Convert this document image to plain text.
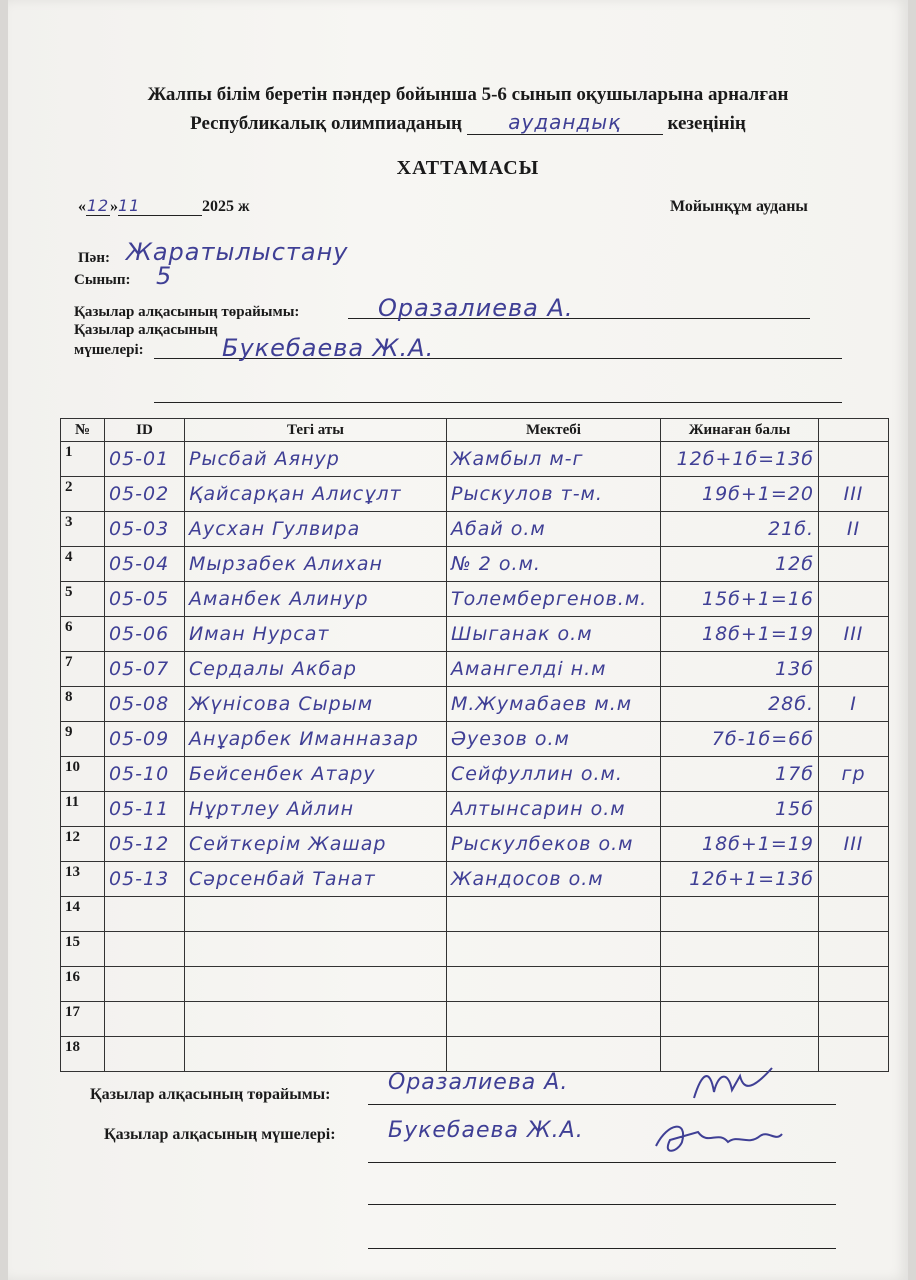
Жалпы білім беретін пәндер бойынша 5-6 сынып оқушыларына арналған
Республикалық олимпиаданың аудандық кезеңінің
ХАТТАМАСЫ
«12»11	2025 ж	Мойынқұм ауданы
Пән: Жаратылыстану
Сынып: 5
Қазылар алқасының төрайымы:	Оразалиева А.
Қазылар алқасының
мүшелері:	Букебаева Ж.А.
№	ID	Тегі аты	Мектебі	Жинаған балы	
1	05-01	Рысбай Аянур	Жамбыл м-г	12б+1б=13б	
2	05-02	Қайсарқан Алисұлт	Рыскулов т-м.	19б+1=20	III
3	05-03	Аусхан Гулвира	Абай о.м	21б.	II
4	05-04	Мырзабек Алихан	№ 2 о.м.	12б	
5	05-05	Аманбек Алинур	Толембергенов.м.	15б+1=16	
6	05-06	Иман Нурсат	Шыганак о.м	18б+1=19	III
7	05-07	Сердалы Акбар	Амангелді н.м	13б	
8	05-08	Жүнісова Сырым	М.Жумабаев м.м	28б.	I
9	05-09	Анұарбек Иманназар	Әуезов о.м	7б-1б=6б	
10	05-10	Бейсенбек Атару	Сейфуллин о.м.	17б	гр
11	05-11	Нұртлеу Айлин	Алтынсарин о.м	15б	
12	05-12	Сейткерім Жашар	Рыскулбеков о.м	18б+1=19	III
13	05-13	Сәрсенбай Танат	Жандосов о.м	12б+1=13б	
14					
15					
16					
17					
18					
Қазылар алқасының төрайымы:	Оразалиева А.
Қазылар алқасының мүшелері: Букебаева Ж.А.
